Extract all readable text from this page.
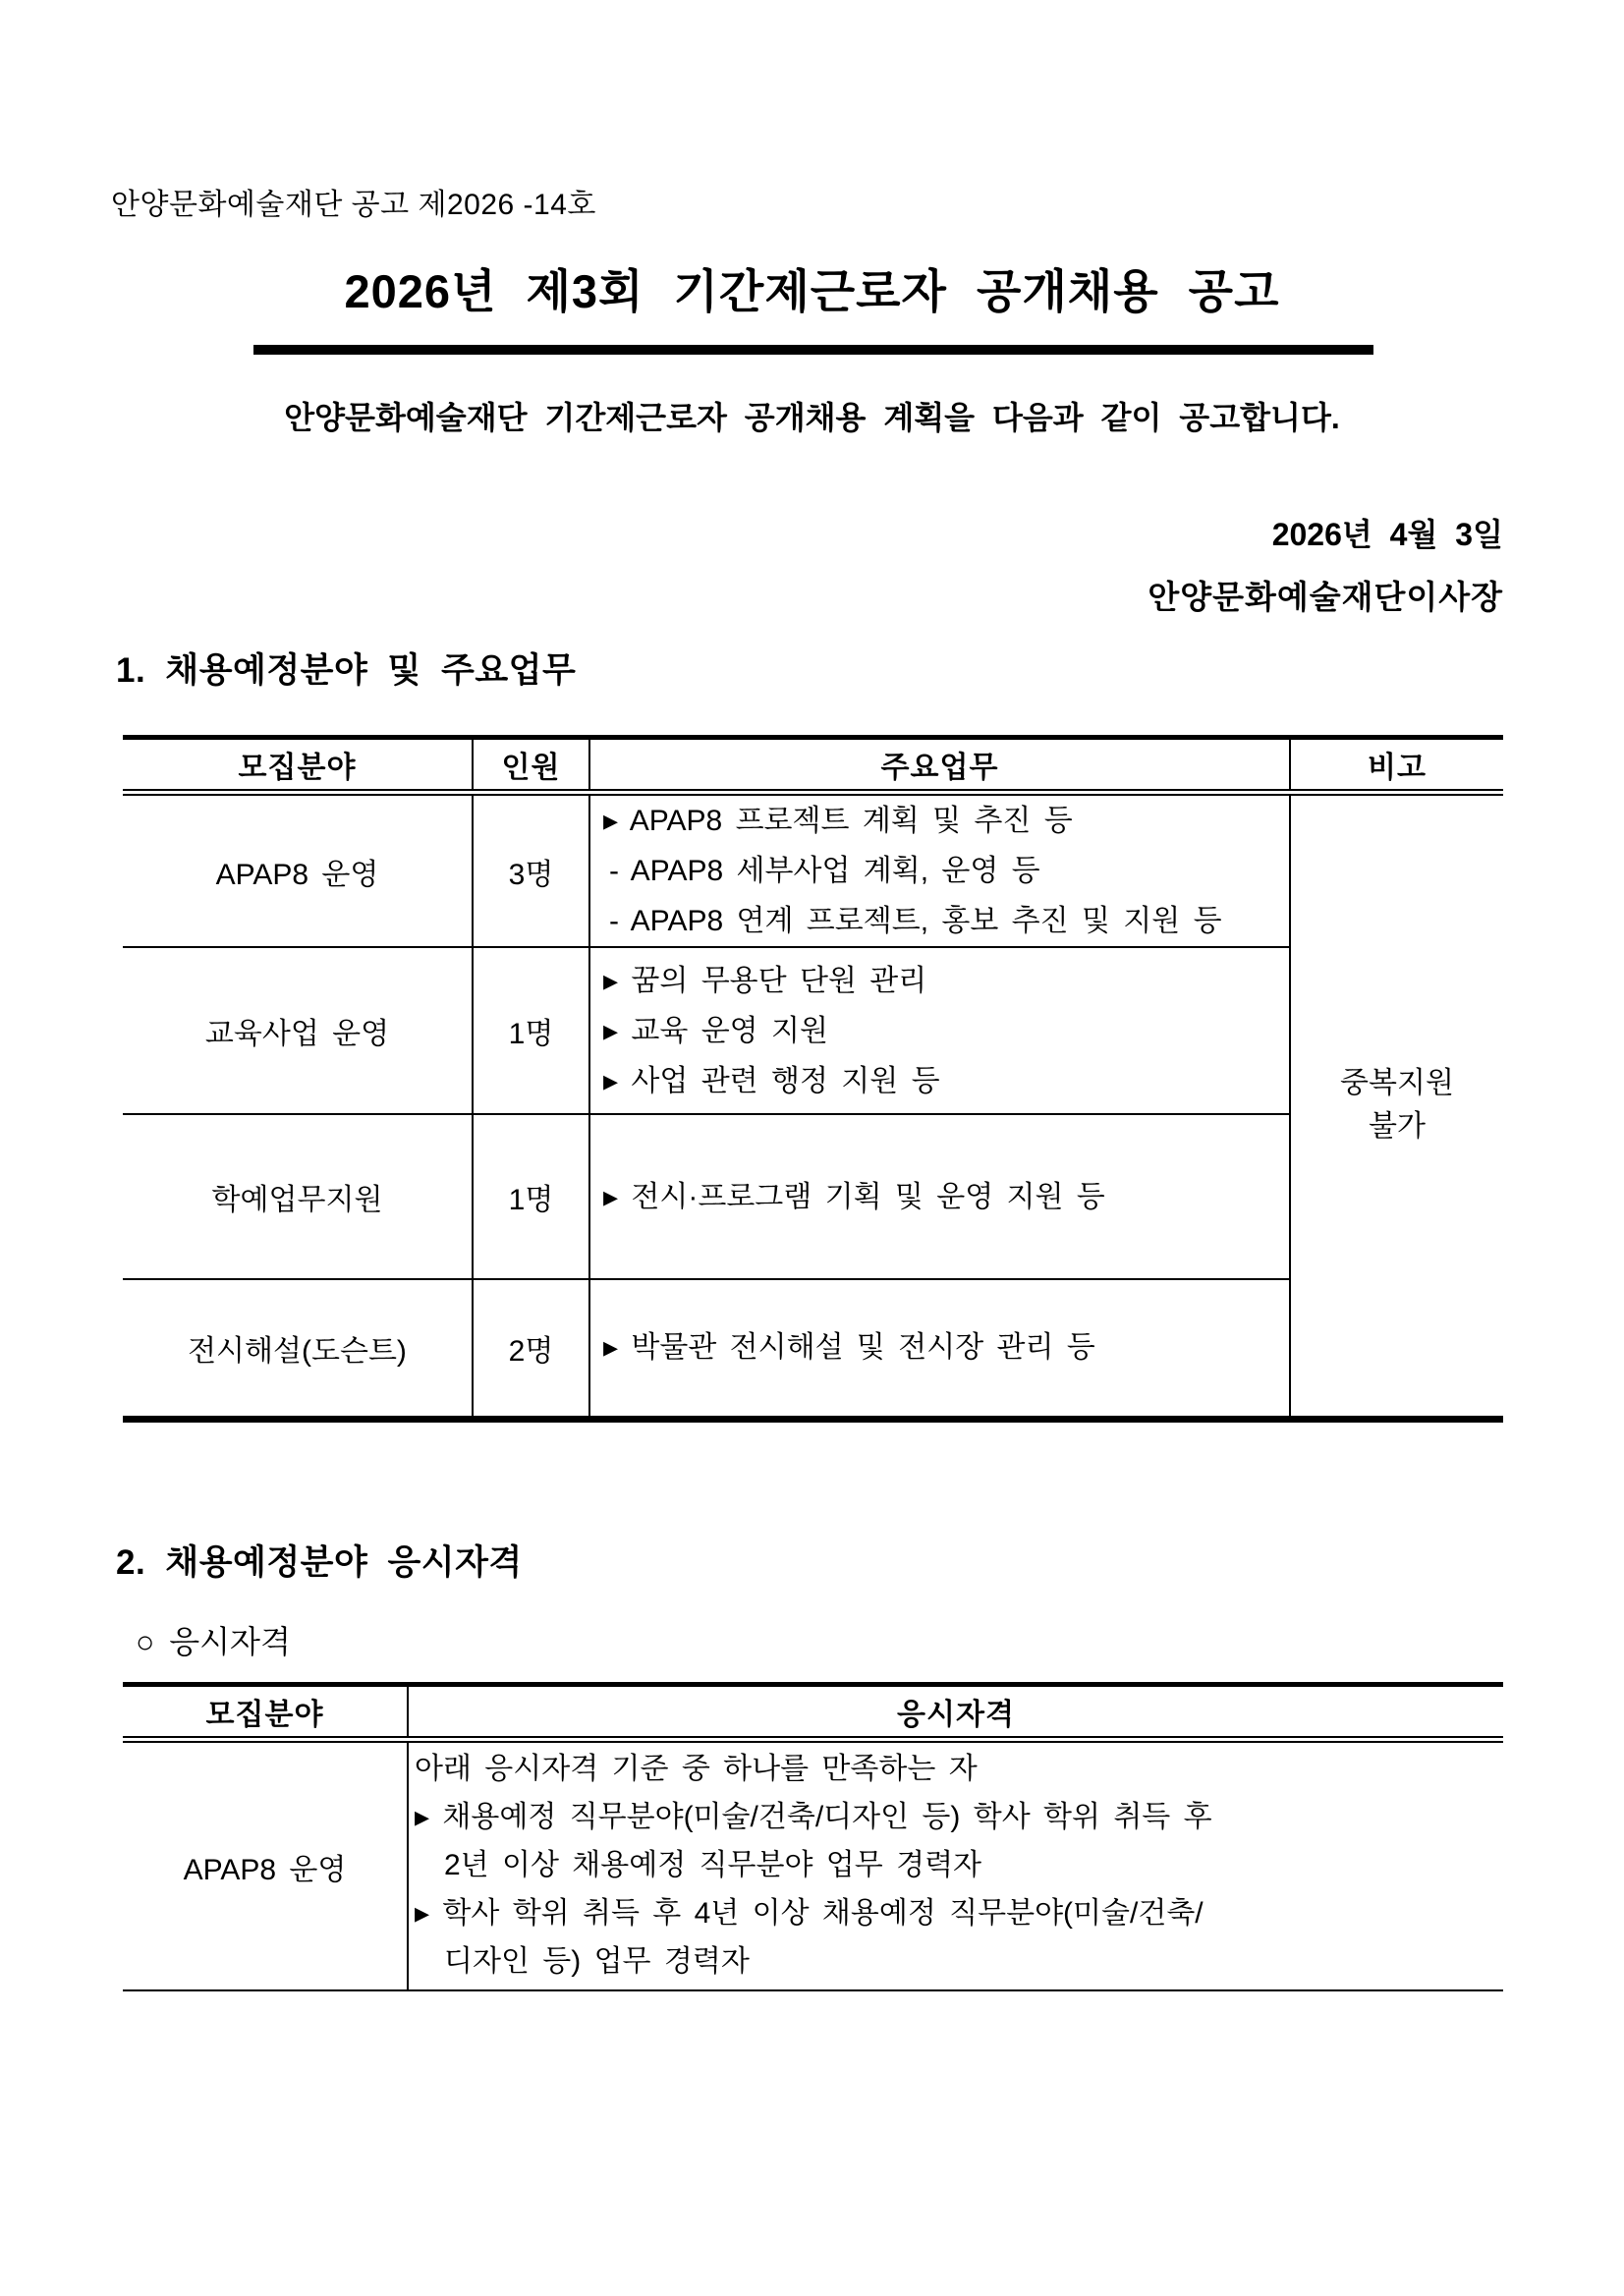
안양문화예술재단 공고 제2026 -14호
2026년 제3회 기간제근로자 공개채용 공고
안양문화예술재단 기간제근로자 공개채용 계획을 다음과 같이 공고합니다.
2026년 4월 3일
안양문화예술재단이사장
1. 채용예정분야 및 주요업무
모집분야	인원	주요업무	비고
APAP8 운영	3명	▸ APAP8 프로젝트 계획 및 추진 등
- APAP8 세부사업 계획, 운영 등
- APAP8 연계 프로젝트, 홍보 추진 및 지원 등	중복지원 불가

교육사업 운영	1명	▸ 꿈의 무용단 단원 관리
▸ 교육 운영 지원
▸ 사업 관련 행정 지원 등	

학예업무지원	1명	▸ 전시·프로그램 기획 및 운영 지원 등	

전시해설(도슨트)	2명	▸ 박물관 전시해설 및 전시장 관리 등	
2. 채용예정분야 응시자격
○ 응시자격
모집분야	응시자격
APAP8 운영	아래 응시자격 기준 중 하나를 만족하는 자
▸ 채용예정 직무분야(미술/건축/디자인 등) 학사 학위 취득 후
2년 이상 채용예정 직무분야 업무 경력자
▸ 학사 학위 취득 후 4년 이상 채용예정 직무분야(미술/건축/
디자인 등) 업무 경력자
